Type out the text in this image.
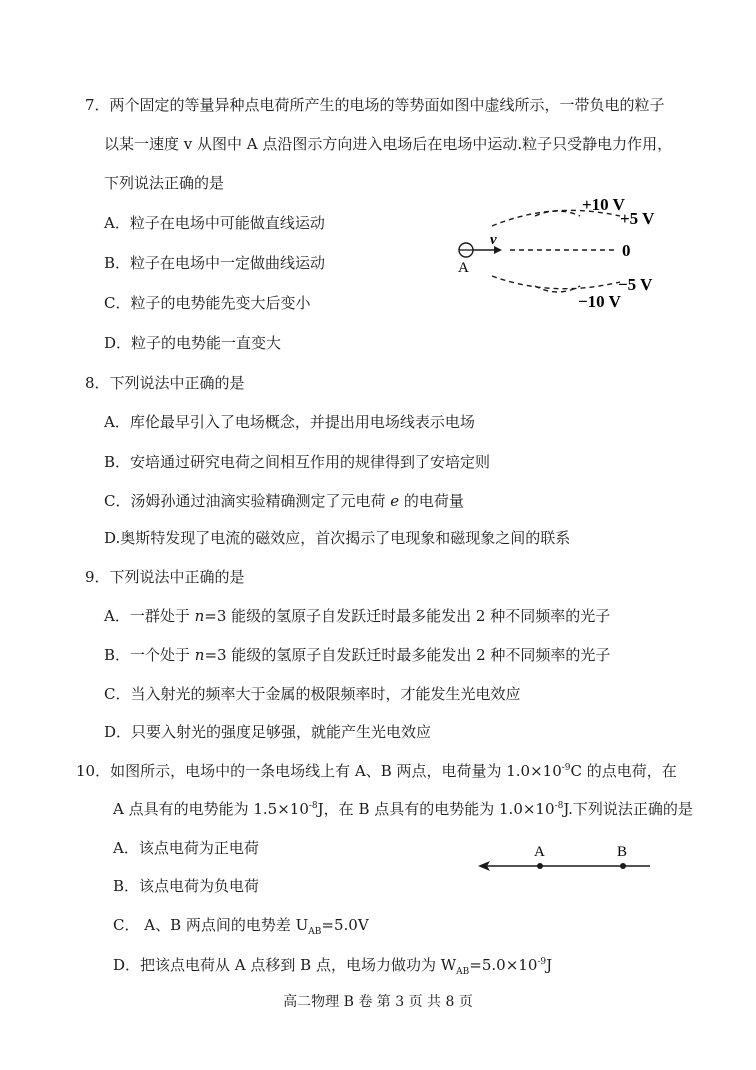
7．两个固定的等量异种点电荷所产生的电场的等势面如图中虚线所示，一带负电的粒子
以某一速度 v 从图中 A 点沿图示方向进入电场后在电场中运动.粒子只受静电力作用，
下列说法正确的是
A．粒子在电场中可能做直线运动
B．粒子在电场中一定做曲线运动
C．粒子的电势能先变大后变小
D．粒子的电势能一直变大
+10 V
+5 V
0
−5 V
−10 V
v
A
8．下列说法中正确的是
A．库伦最早引入了电场概念，并提出用电场线表示电场
B．安培通过研究电荷之间相互作用的规律得到了安培定则
C．汤姆孙通过油滴实验精确测定了元电荷 e 的电荷量
D.奥斯特发现了电流的磁效应，首次揭示了电现象和磁现象之间的联系
9．下列说法中正确的是
A．一群处于 n=3 能级的氢原子自发跃迁时最多能发出 2 种不同频率的光子
B．一个处于 n=3 能级的氢原子自发跃迁时最多能发出 2 种不同频率的光子
C．当入射光的频率大于金属的极限频率时，才能发生光电效应
D．只要入射光的强度足够强，就能产生光电效应
10．如图所示，电场中的一条电场线上有 A、B 两点，电荷量为 $1.0\times 10^{-9}C$ 的点电荷，在
A 点具有的电势能为 $1.5\times 10^{-8}J$，在 B 点具有的电势能为 $1.0\times 10^{-8}J$.下列说法正确的是
A．该点电荷为正电荷
B．该点电荷为负电荷
C． A、B 两点间的电势差 $U_{AB}=5.0V$
D．把该点电荷从 A 点移到 B 点，电场力做功为 $W_{AB}=5.0\times 10^{-9}J$
A	B
高二物理 B 卷 第 3 页 共 8 页
